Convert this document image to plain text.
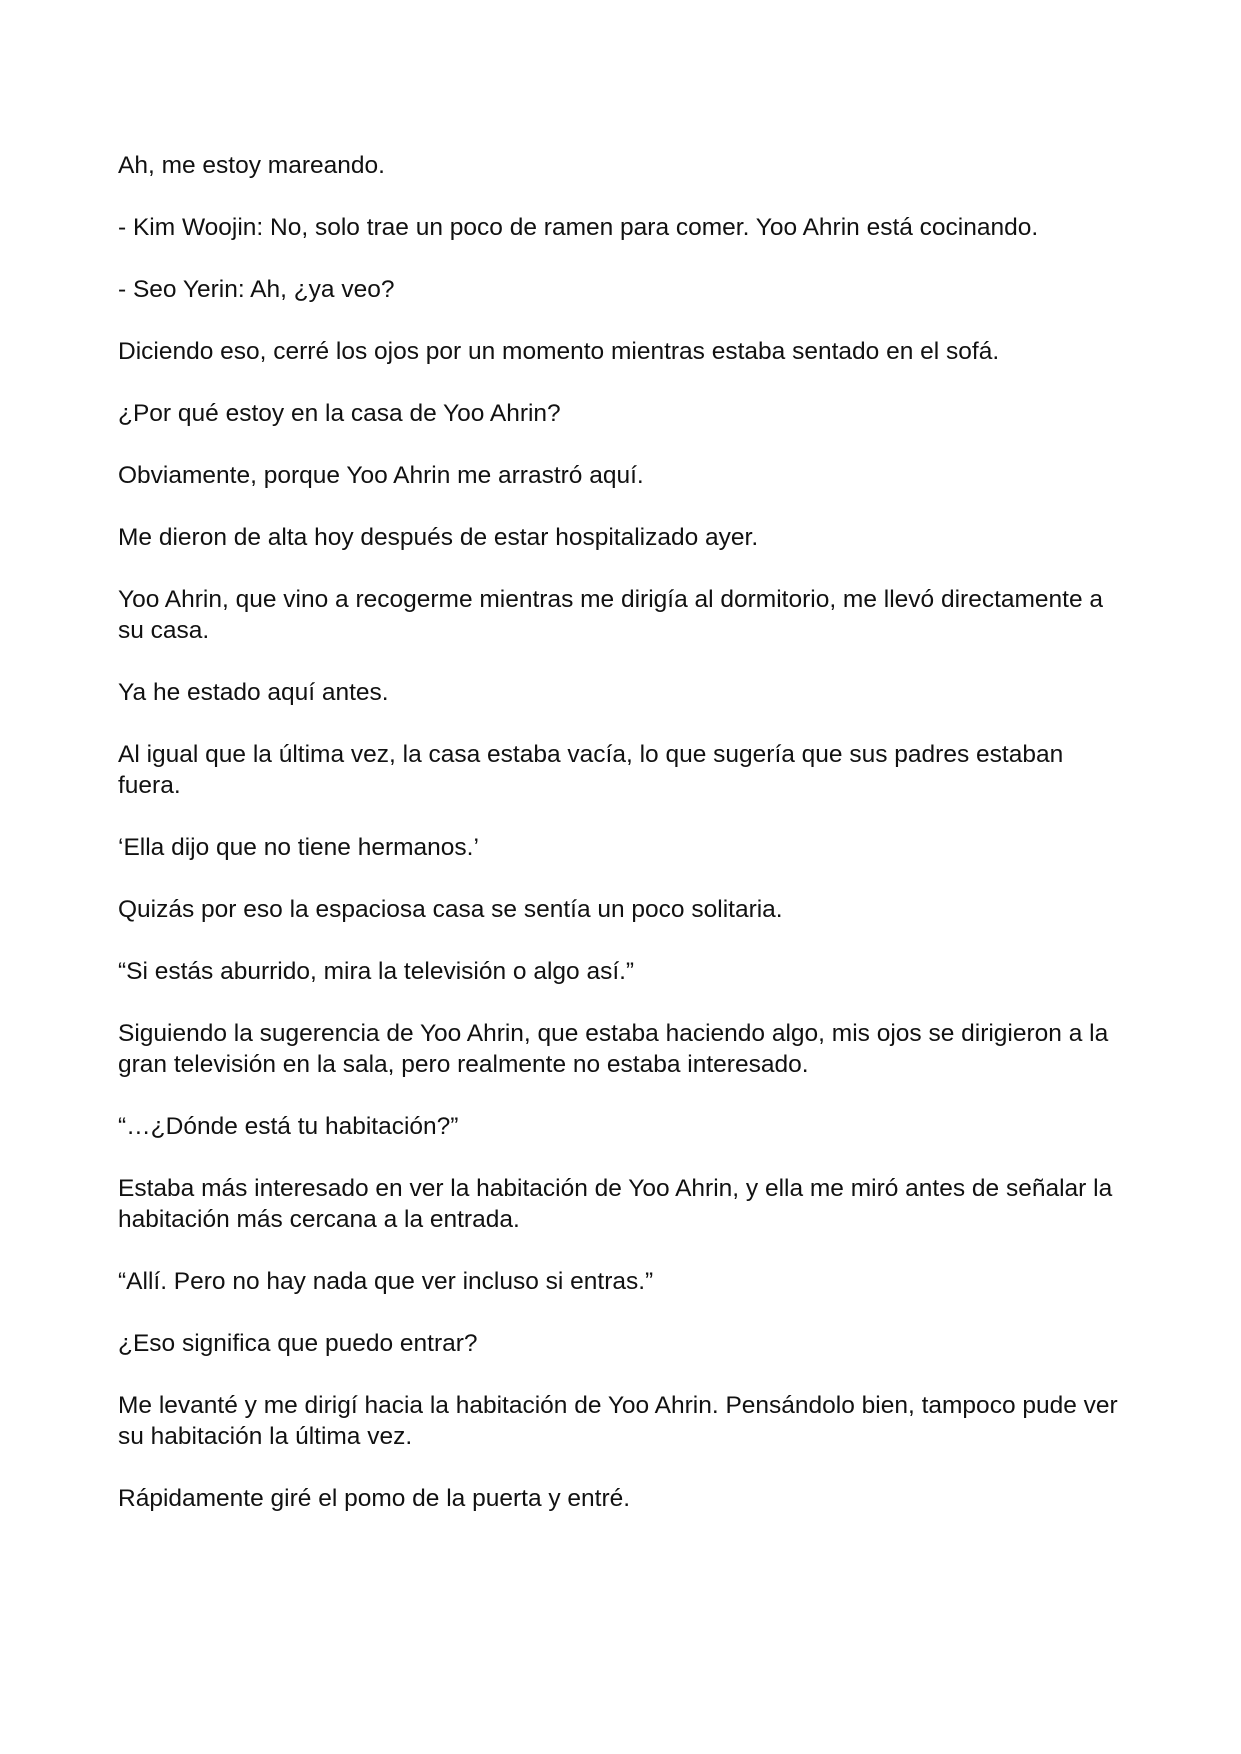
Ah, me estoy mareando.

- Kim Woojin: No, solo trae un poco de ramen para comer. Yoo Ahrin está cocinando.

- Seo Yerin: Ah, ¿ya veo?

Diciendo eso, cerré los ojos por un momento mientras estaba sentado en el sofá.

¿Por qué estoy en la casa de Yoo Ahrin?

Obviamente, porque Yoo Ahrin me arrastró aquí.

Me dieron de alta hoy después de estar hospitalizado ayer.

Yoo Ahrin, que vino a recogerme mientras me dirigía al dormitorio, me llevó directamente a su casa.

Ya he estado aquí antes.

Al igual que la última vez, la casa estaba vacía, lo que sugería que sus padres estaban fuera.

‘Ella dijo que no tiene hermanos.’

Quizás por eso la espaciosa casa se sentía un poco solitaria.

“Si estás aburrido, mira la televisión o algo así.”

Siguiendo la sugerencia de Yoo Ahrin, que estaba haciendo algo, mis ojos se dirigieron a la gran televisión en la sala, pero realmente no estaba interesado.

“…¿Dónde está tu habitación?”

Estaba más interesado en ver la habitación de Yoo Ahrin, y ella me miró antes de señalar la habitación más cercana a la entrada.

“Allí. Pero no hay nada que ver incluso si entras.”

¿Eso significa que puedo entrar?

Me levanté y me dirigí hacia la habitación de Yoo Ahrin. Pensándolo bien, tampoco pude ver su habitación la última vez.

Rápidamente giré el pomo de la puerta y entré.
